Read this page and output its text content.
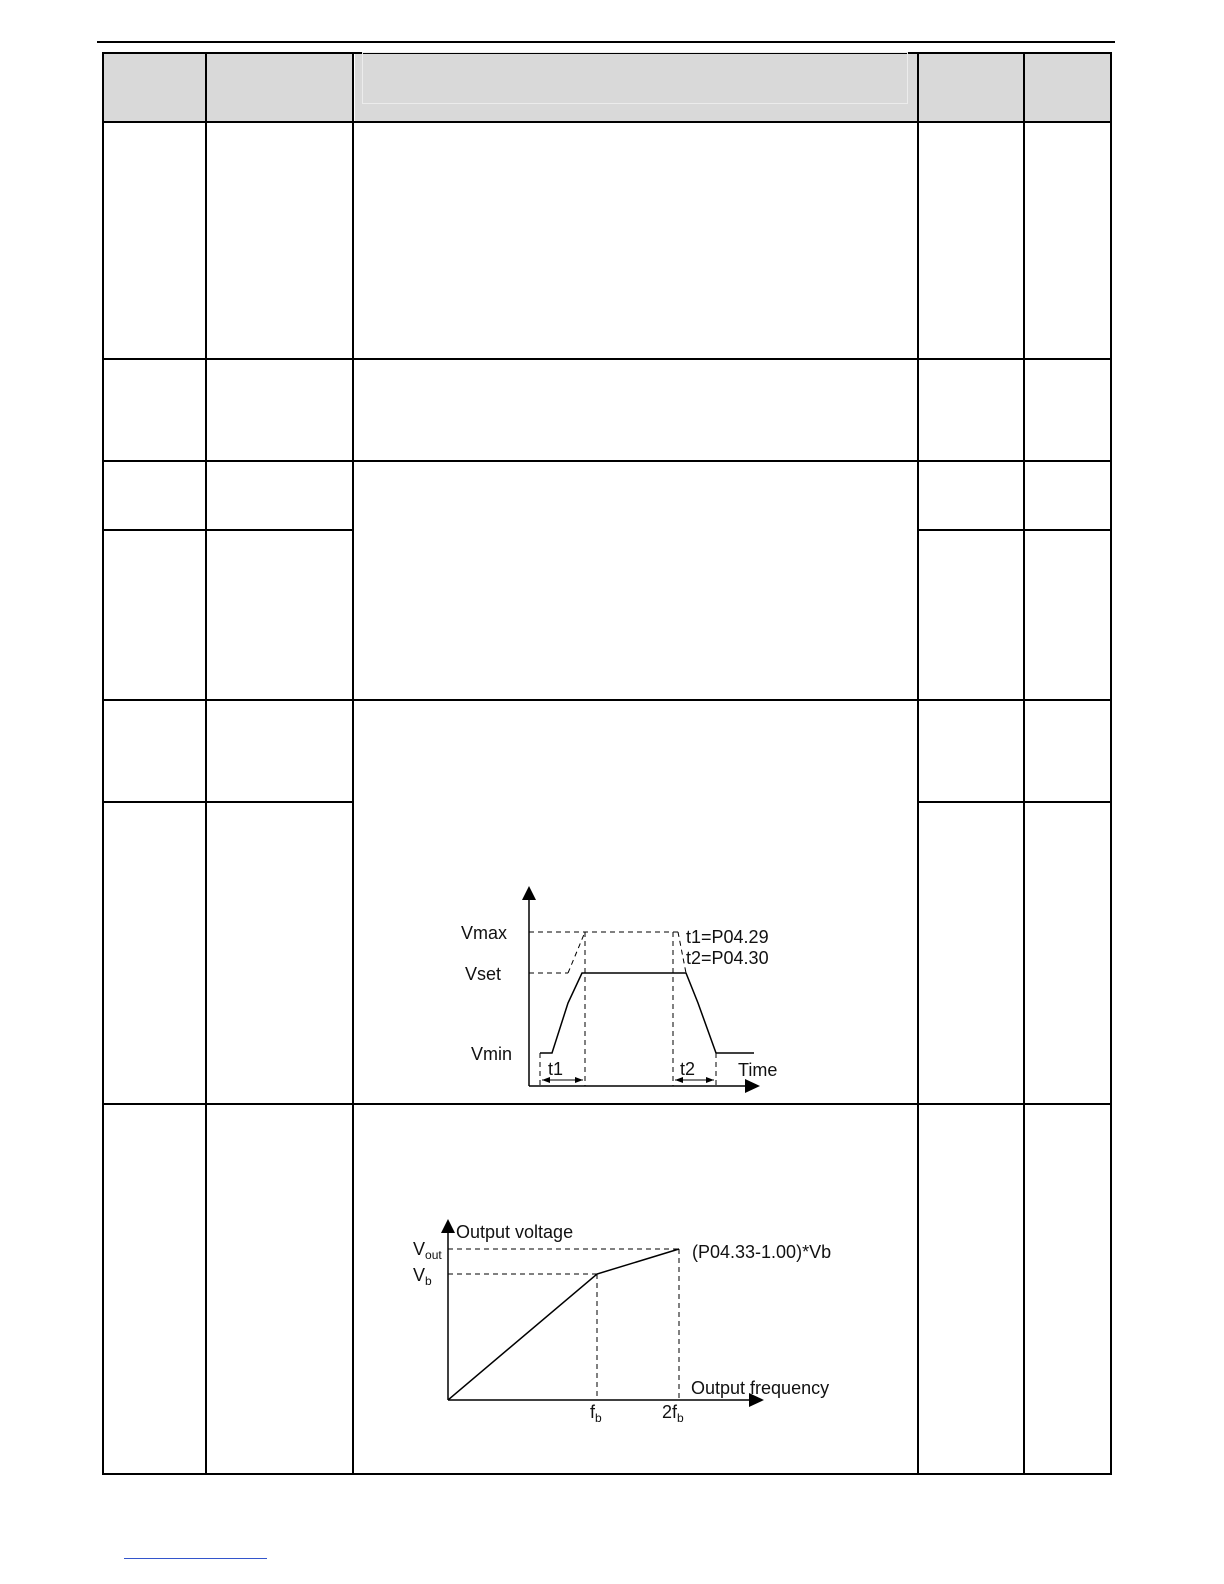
Vmax
Vset
Vmin
t1	t2 Time
t1=P04.29
t2=P04.30
Output voltage
Output frequency
(P04.33-1.00)*Vb
$V_{out}$
$V_b$
$f_b$	$2f_b$
